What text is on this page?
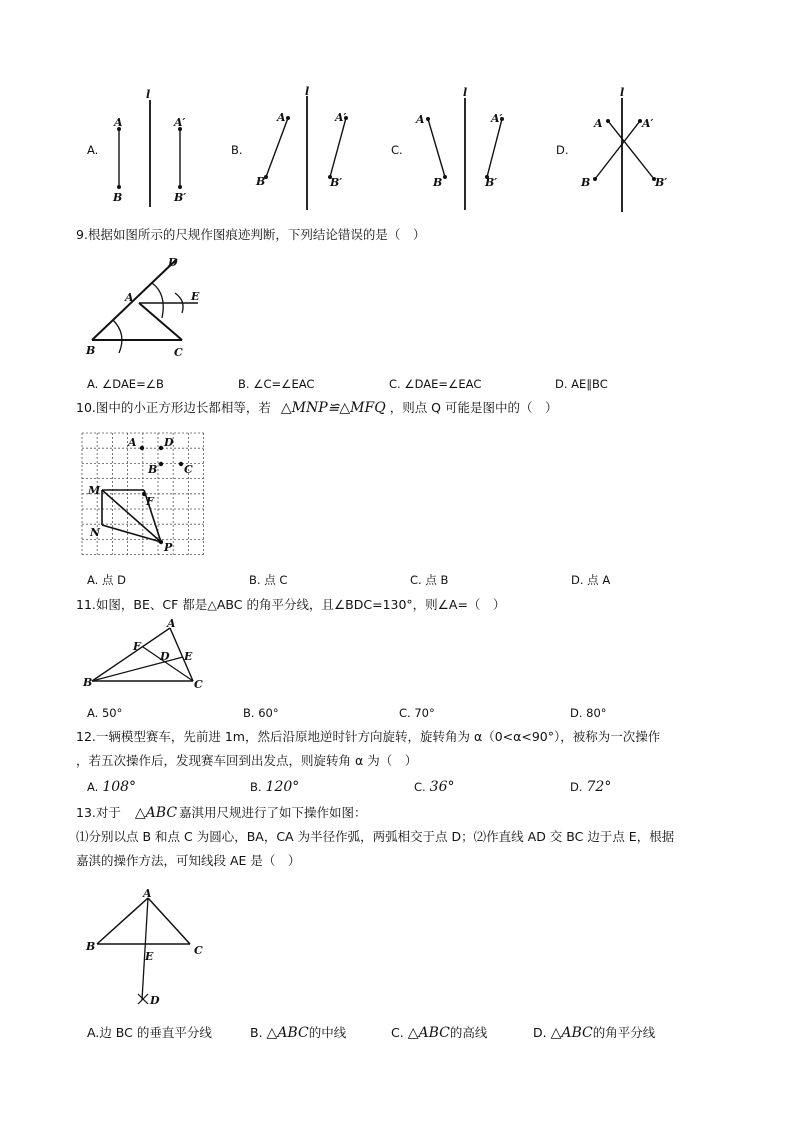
A.
l
A	A′
B	B′
B.
l
A	A′
B	B′
C.
l
A	A′
B	B′
D.
l
A	A′
B	B′
9.根据如图所示的尺规作图痕迹判断，下列结论错误的是（　）
D
A	E
B	C
A. ∠DAE=∠B	B. ∠C=∠EAC	C. ∠DAE=∠EAC	D. AE∥BC
10.图中的小正方形边长都相等，若 △MNP≌△MFQ ，则点 Q 可能是图中的（　）
A D
B C
M
F
N
P
A. 点 D	B. 点 C	C. 点 B	D. 点 A
11.如图，BE、CF 都是△ABC 的角平分线，且∠BDC=130°，则∠A=（　）
A
F
E
D
B	C
A. 50°	B. 60°	C. 70°	D. 80°
12.一辆模型赛车，先前进 1m，然后沿原地逆时针方向旋转，旋转角为 α（0<α<90°），被称为一次操作
，若五次操作后，发现赛车回到出发点，则旋转角 α 为（　）
A. 108°	B. 120°	C. 36°	D. 72°
13.对于 △ABC 嘉淇用尺规进行了如下操作如图：
⑴分别以点 B 和点 C 为圆心，BA，CA 为半径作弧，两弧相交于点 D；⑵作直线 AD 交 BC 边于点 E，根据
嘉淇的操作方法，可知线段 AE 是（　）
A
B	C
E
D
A.边 BC 的垂直平分线	B. △ABC的中线	C. △ABC的高线	D. △ABC的角平分线
